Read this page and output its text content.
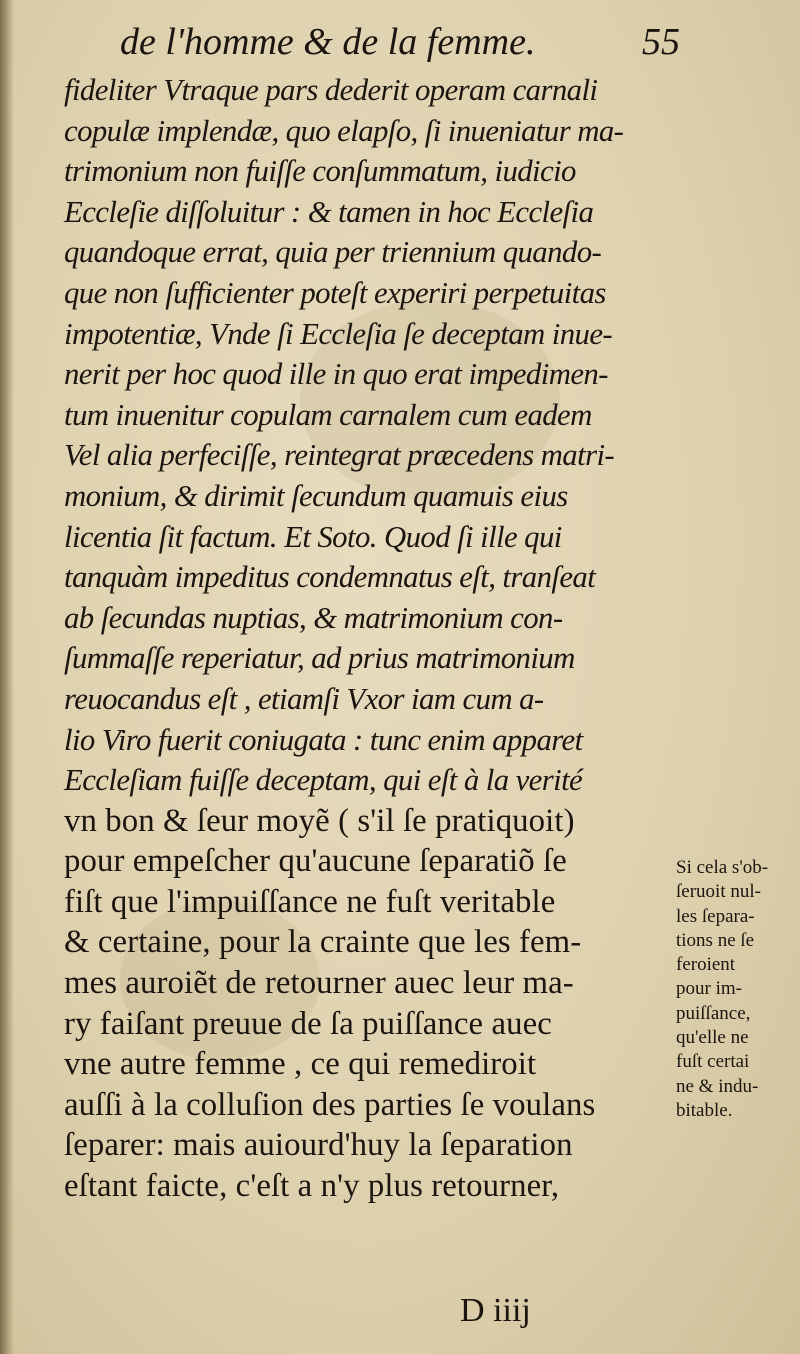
de l'homme & de la femme.	55
fideliter Vtraque pars dederit operam carnali
copulæ implendæ, quo elapſo, ſi inueniatur ma-
trimonium non fuiſſe conſummatum, iudicio
Eccleſie diſſoluitur : & tamen in hoc Eccleſia
quandoque errat, quia per triennium quando-
que non ſufficienter poteſt experiri perpetuitas
impotentiæ, Vnde ſi Eccleſia ſe deceptam inue-
nerit per hoc quod ille in quo erat impedimen-
tum inuenitur copulam carnalem cum eadem
Vel alia perfeciſſe, reintegrat præcedens matri-
monium, & dirimit ſecundum quamuis eius
licentia ſit factum. Et Soto. Quod ſi ille qui
tanquàm impeditus condemnatus eſt, tranſeat
ab ſecundas nuptias, & matrimonium con-
ſummaſſe reperiatur, ad prius matrimonium
reuocandus eſt , etiamſi Vxor iam cum a-
lio Viro fuerit coniugata : tunc enim apparet
Eccleſiam fuiſſe deceptam, qui eſt à la verité
vn bon & ſeur moyẽ ( s'il ſe pratiquoit)
pour empeſcher qu'aucune ſeparatiõ ſe
fiſt que l'impuiſſance ne fuſt veritable
& certaine, pour la crainte que les fem-
mes auroiẽt de retourner auec leur ma-
ry faiſant preuue de ſa puiſſance auec
vne autre femme , ce qui remediroit
auſſi à la colluſion des parties ſe voulans
ſeparer: mais auiourd'huy la ſeparation
eſtant faicte, c'eſt a n'y plus retourner,
Si cela s'ob-
ſeruoit nul-
les ſepara-
tions ne ſe
feroient
pour im-
puiſſance,
qu'elle ne
fuſt certai
ne & indu-
bitable.
D iiij
